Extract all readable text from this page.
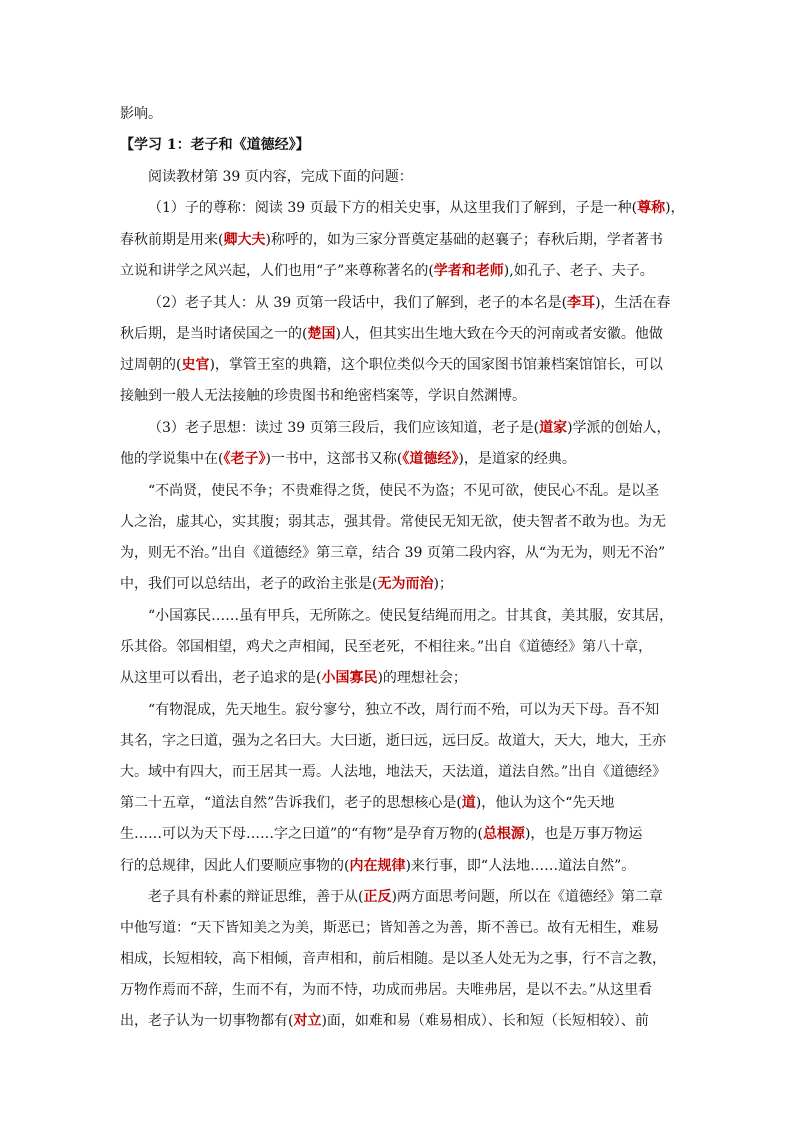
影响。
【学习 1：老子和《道德经》】
阅读教材第 39 页内容，完成下面的问题：
（1）子的尊称：阅读 39 页最下方的相关史事，从这里我们了解到，子是一种(尊称)，
春秋前期是用来(卿大夫)称呼的，如为三家分晋奠定基础的赵襄子；春秋后期，学者著书
立说和讲学之风兴起，人们也用“子”来尊称著名的(学者和老师),如孔子、老子、夫子。
（2）老子其人：从 39 页第一段话中，我们了解到，老子的本名是(李耳)，生活在春
秋后期，是当时诸侯国之一的(楚国)人，但其实出生地大致在今天的河南或者安徽。他做
过周朝的(史官)，掌管王室的典籍，这个职位类似今天的国家图书馆兼档案馆馆长，可以
接触到一般人无法接触的珍贵图书和绝密档案等，学识自然渊博。
（3）老子思想：读过 39 页第三段后，我们应该知道，老子是(道家)学派的创始人，
他的学说集中在(《老子》)一书中，这部书又称(《道德经》)，是道家的经典。
“不尚贤，使民不争；不贵难得之货，使民不为盗；不见可欲，使民心不乱。是以圣
人之治，虚其心，实其腹；弱其志，强其骨。常使民无知无欲，使夫智者不敢为也。为无
为，则无不治。”出自《道德经》第三章，结合 39 页第二段内容，从“为无为，则无不治”
中，我们可以总结出，老子的政治主张是(无为而治)；
“小国寡民……虽有甲兵，无所陈之。使民复结绳而用之。甘其食，美其服，安其居，
乐其俗。邻国相望，鸡犬之声相闻，民至老死，不相往来。”出自《道德经》第八十章，
从这里可以看出，老子追求的是(小国寡民)的理想社会；
“有物混成，先天地生。寂兮寥兮，独立不改，周行而不殆，可以为天下母。吾不知
其名，字之曰道，强为之名曰大。大曰逝，逝曰远，远曰反。故道大，天大，地大，王亦
大。域中有四大，而王居其一焉。人法地，地法天，天法道，道法自然。”出自《道德经》
第二十五章，“道法自然”告诉我们，老子的思想核心是(道)，他认为这个“先天地
生……可以为天下母……字之曰道”的“有物”是孕育万物的(总根源)，也是万事万物运
行的总规律，因此人们要顺应事物的(内在规律)来行事，即“人法地……道法自然”。
老子具有朴素的辩证思维，善于从(正反)两方面思考问题，所以在《道德经》第二章
中他写道：“天下皆知美之为美，斯恶已；皆知善之为善，斯不善已。故有无相生，难易
相成，长短相较，高下相倾，音声相和，前后相随。是以圣人处无为之事，行不言之教，
万物作焉而不辞，生而不有，为而不恃，功成而弗居。夫唯弗居，是以不去。”从这里看
出，老子认为一切事物都有(对立)面，如难和易（难易相成）、长和短（长短相较）、前
